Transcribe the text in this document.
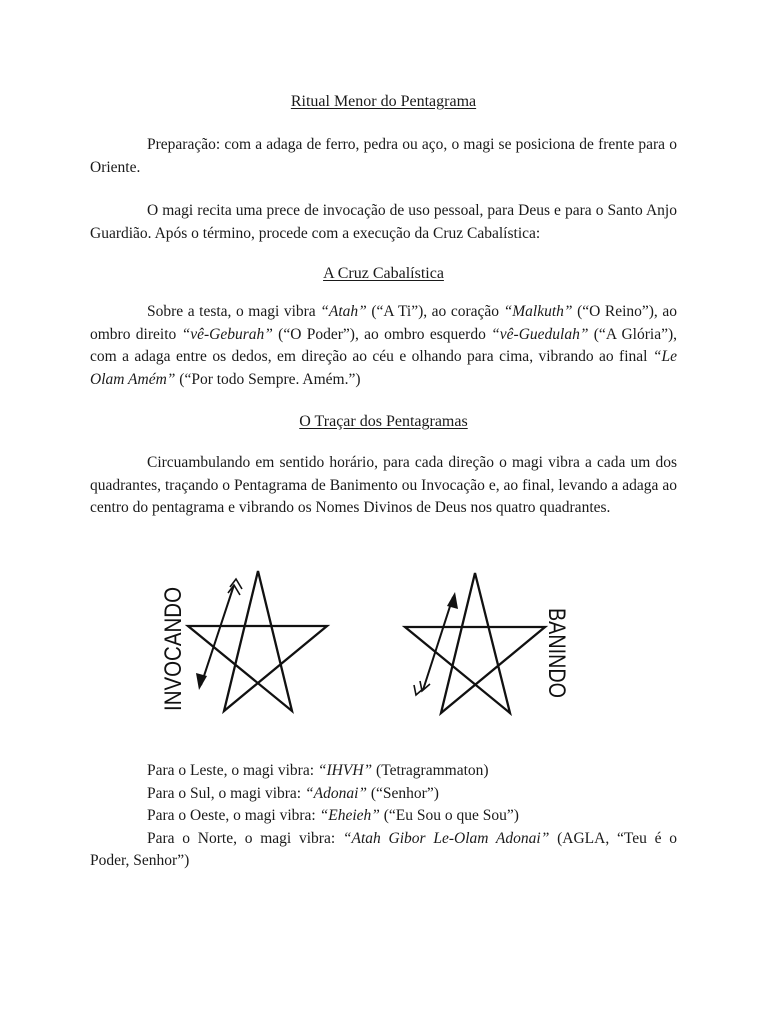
Ritual Menor do Pentagrama

Preparação: com a adaga de ferro, pedra ou aço, o magi se posiciona de frente para o Oriente.

O magi recita uma prece de invocação de uso pessoal, para Deus e para o Santo Anjo Guardião. Após o término, procede com a execução da Cruz Cabalística:

A Cruz Cabalística

Sobre a testa, o magi vibra “Atah” (“A Ti”), ao coração “Malkuth” (“O Reino”), ao ombro direito “vê-Geburah” (“O Poder”), ao ombro esquerdo “vê-Guedulah” (“A Glória”), com a adaga entre os dedos, em direção ao céu e olhando para cima, vibrando ao final “Le Olam Amém” (“Por todo Sempre. Amém.”)

O Traçar dos Pentagramas

Circuambulando em sentido horário, para cada direção o magi vibra a cada um dos quadrantes, traçando o Pentagrama de Banimento ou Invocação e, ao final, levando a adaga ao centro do pentagrama e vibrando os Nomes Divinos de Deus nos quatro quadrantes.

Para o Leste, o magi vibra: “IHVH” (Tetragrammaton)
Para o Sul, o magi vibra: “Adonai” (“Senhor”)
Para o Oeste, o magi vibra: “Eheieh” (“Eu Sou o que Sou”)
Para o Norte, o magi vibra: “Atah Gibor Le-Olam Adonai” (AGLA, “Teu é o
Poder, Senhor”)
INVOCANDO	BANINDO
